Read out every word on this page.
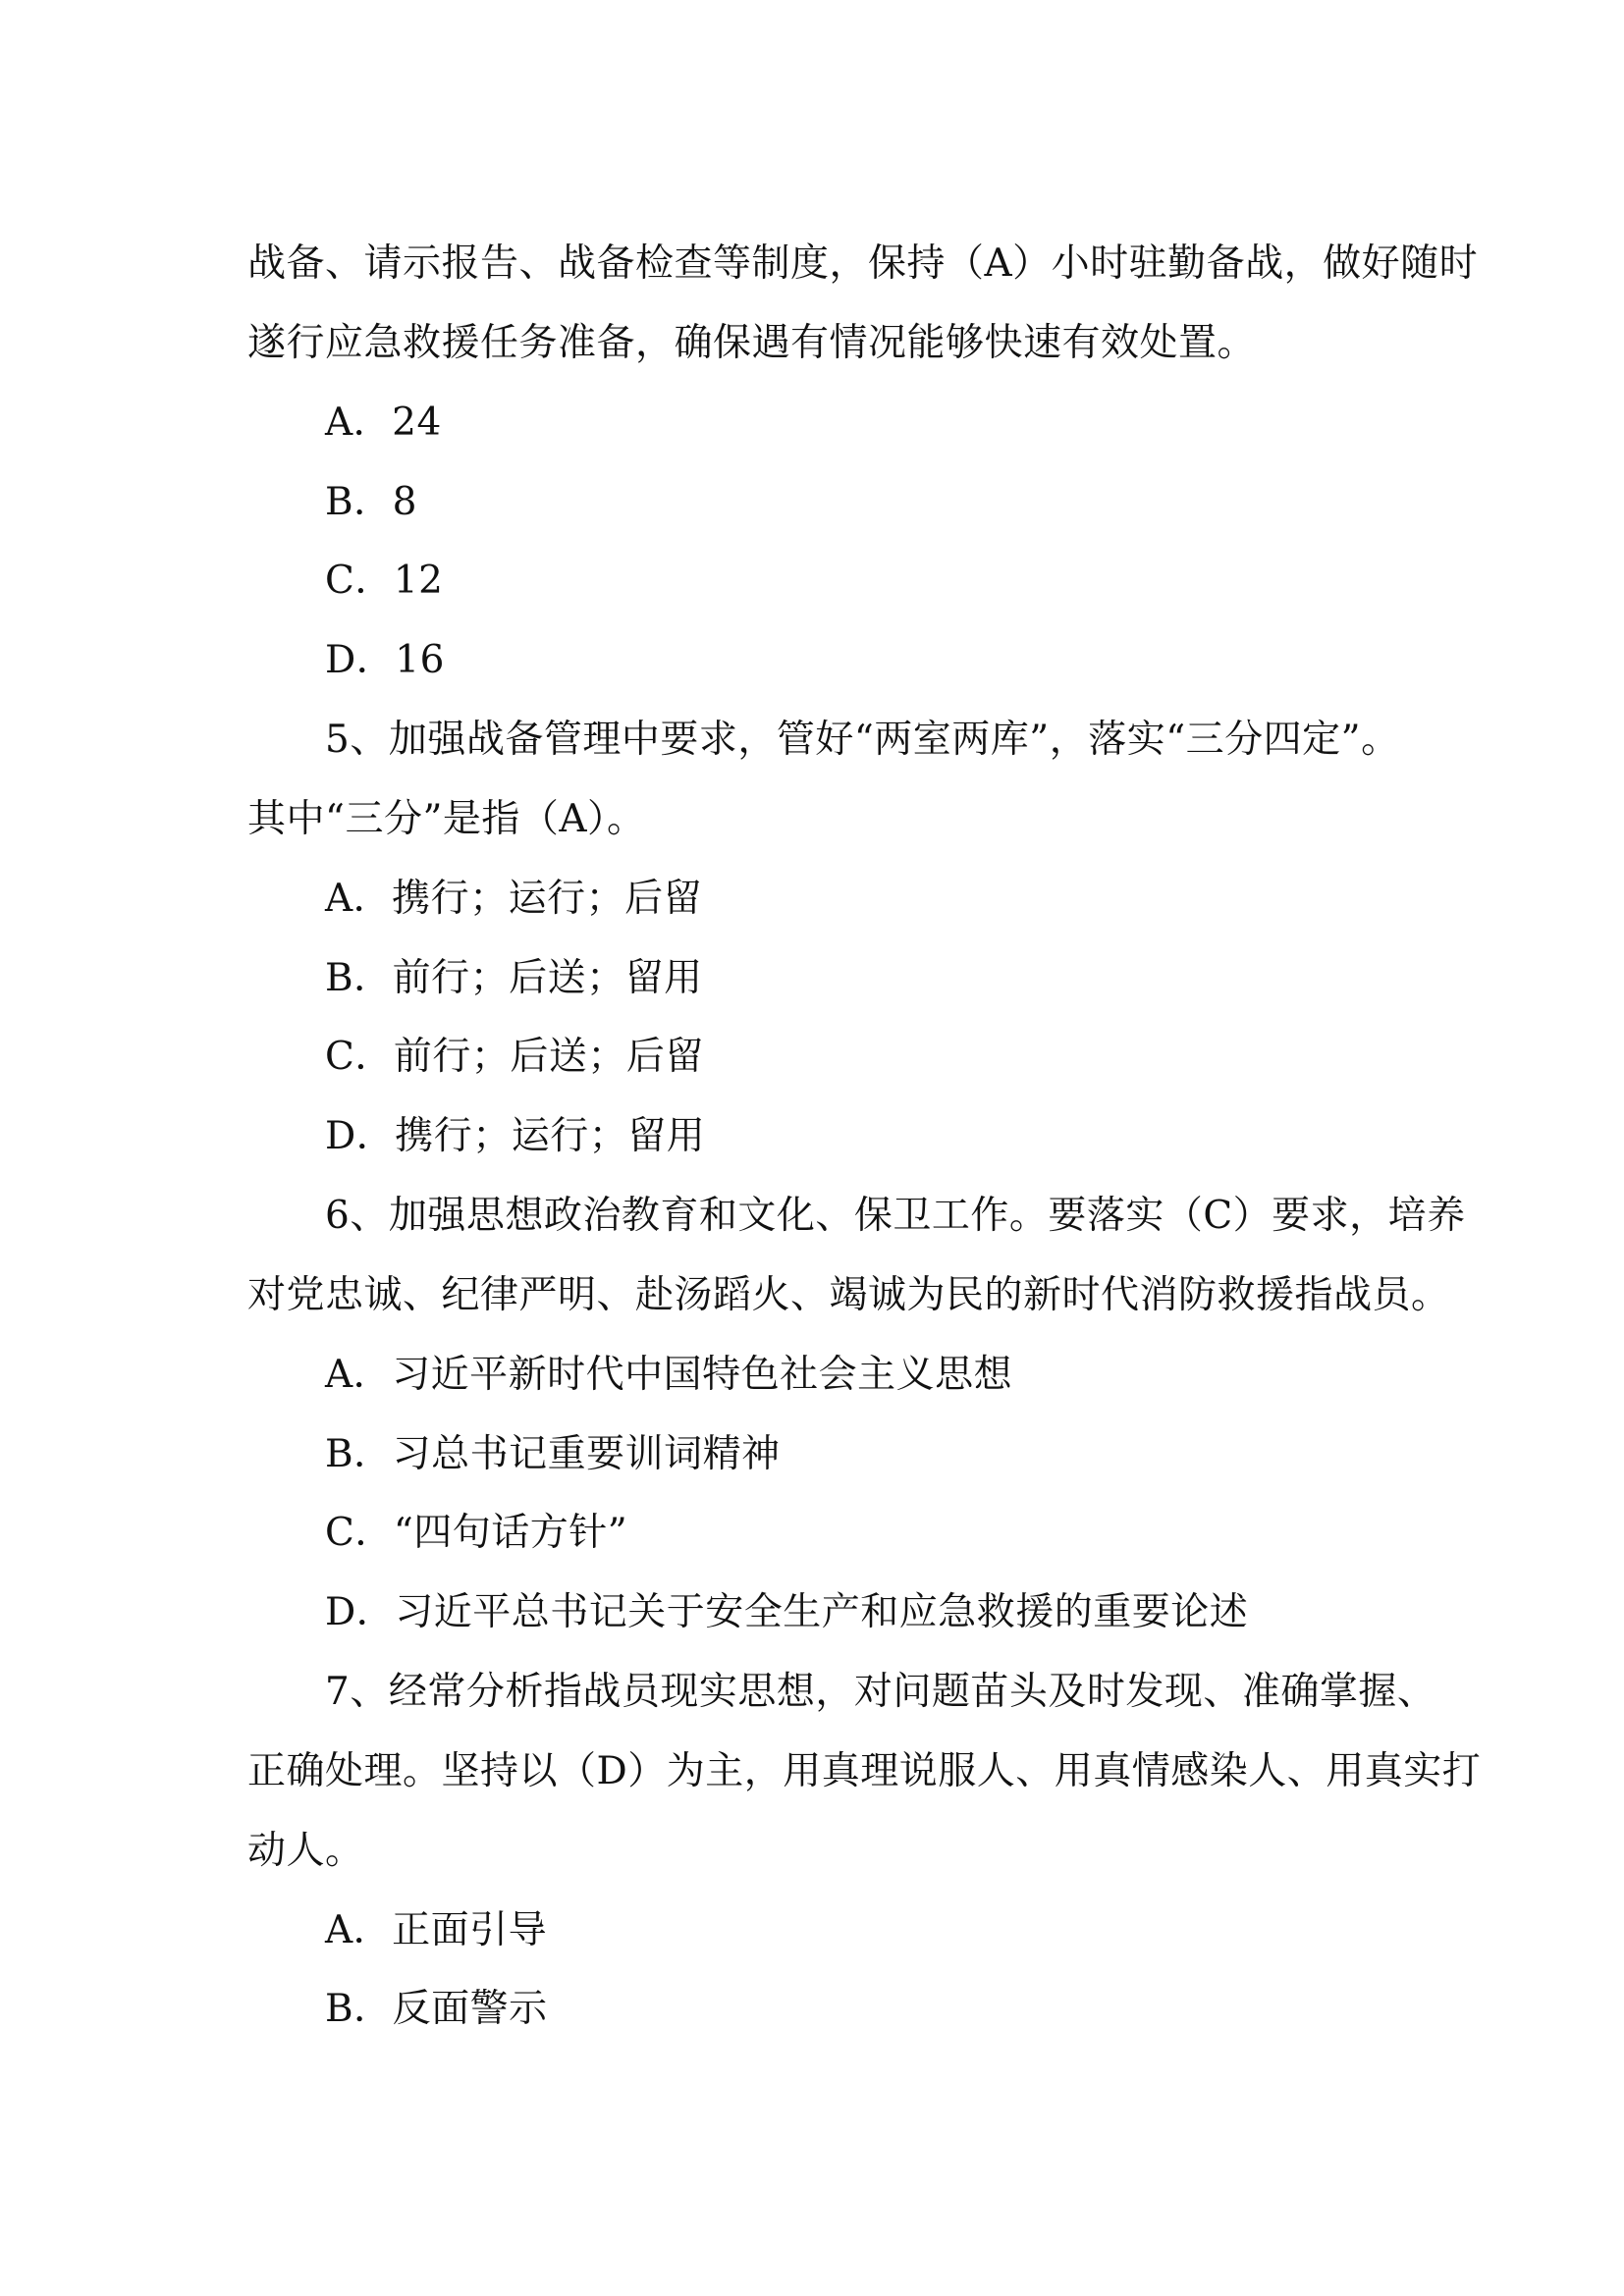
战备、请示报告、战备检查等制度，保持（A）小时驻勤备战，做好随时
遂行应急救援任务准备，确保遇有情况能够快速有效处置。
A．24
B．8
C．12
D．16
5、加强战备管理中要求，管好“两室两库”，落实“三分四定”。
其中“三分”是指（A）。
A．携行；运行；后留
B．前行；后送；留用
C．前行；后送；后留
D．携行；运行；留用
6、加强思想政治教育和文化、保卫工作。要落实（C）要求，培养
对党忠诚、纪律严明、赴汤蹈火、竭诚为民的新时代消防救援指战员。
A．习近平新时代中国特色社会主义思想
B．习总书记重要训词精神
C．“四句话方针”
D．习近平总书记关于安全生产和应急救援的重要论述
7、经常分析指战员现实思想，对问题苗头及时发现、准确掌握、
正确处理。坚持以（D）为主，用真理说服人、用真情感染人、用真实打
动人。
A．正面引导
B．反面警示
